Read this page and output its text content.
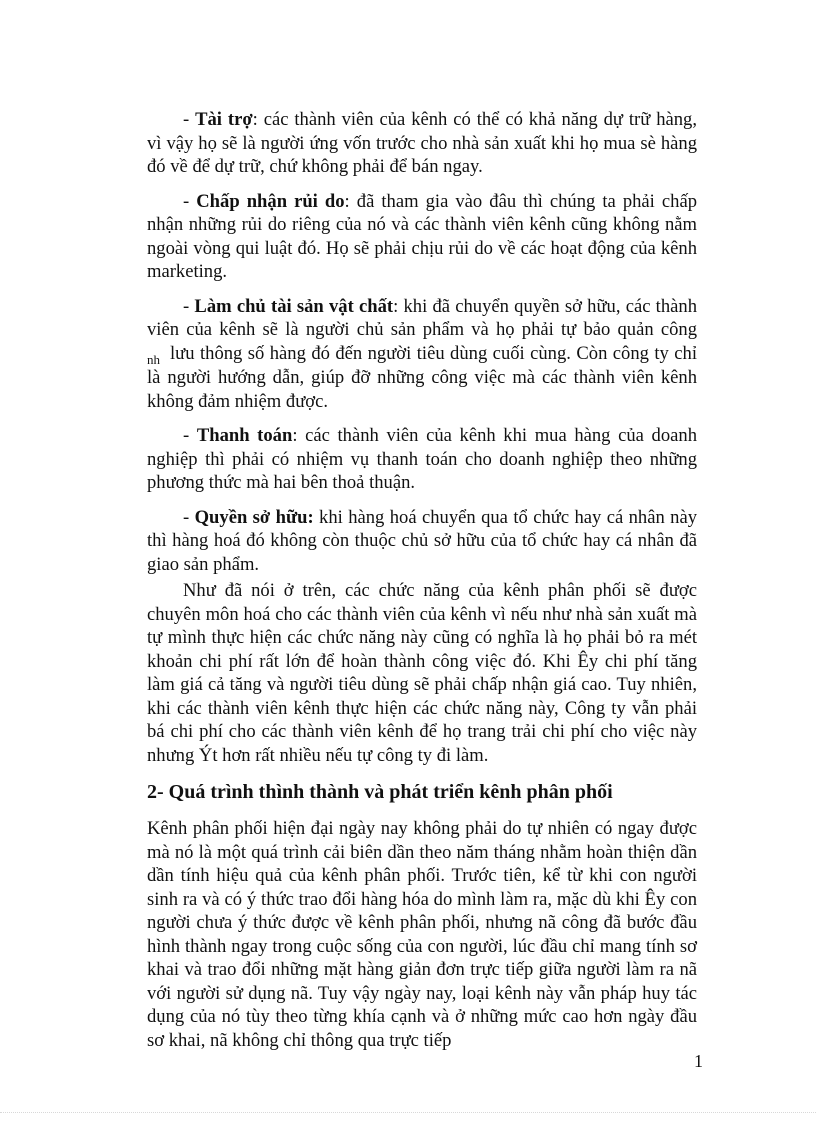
- Tài trợ: các thành viên của kênh có thể có khả năng dự trữ hàng, vì vậy họ sẽ là người ứng vốn trước cho nhà sản xuất khi họ mua sè hàng đó về để dự trữ, chứ không phải để bán ngay.

- Chấp nhận rủi do: đã tham gia vào đâu thì chúng ta phải chấp nhận những rủi do riêng của nó và các thành viên kênh cũng không nằm ngoài vòng qui luật đó. Họ sẽ phải chịu rủi do về các hoạt động của kênh marketing.

- Làm chủ tài sản vật chất: khi đã chuyển quyền sở hữu, các thành viên của kênh sẽ là người chủ sản phẩm và họ phải tự bảo quản công $_{nh}$ lưu thông số hàng đó đến người tiêu dùng cuối cùng. Còn công ty chỉ là người hướng dẫn, giúp đỡ những công việc mà các thành viên kênh không đảm nhiệm được.

- Thanh toán: các thành viên của kênh khi mua hàng của doanh nghiệp thì phải có nhiệm vụ thanh toán cho doanh nghiệp theo những phương thức mà hai bên thoả thuận.

- Quyền sở hữu: khi hàng hoá chuyển qua tổ chức hay cá nhân này thì hàng hoá đó không còn thuộc chủ sở hữu của tổ chức hay cá nhân đã giao sản phẩm.

Như đã nói ở trên, các chức năng của kênh phân phối sẽ được chuyên môn hoá cho các thành viên của kênh vì nếu như nhà sản xuất mà tự mình thực hiện các chức năng này cũng có nghĩa là họ phải bỏ ra mét khoản chi phí rất lớn để hoàn thành công việc đó. Khi Êy chi phí tăng làm giá cả tăng và người tiêu dùng sẽ phải chấp nhận giá cao. Tuy nhiên, khi các thành viên kênh thực hiện các chức năng này, Công ty vẫn phải bá chi phí cho các thành viên kênh để họ trang trải chi phí cho việc này nhưng Ýt hơn rất nhiều nếu tự công ty đi làm.

2- Quá trình thình thành và phát triển kênh phân phối

Kênh phân phối hiện đại ngày nay không phải do tự nhiên có ngay được mà nó là một quá trình cải biên dần theo năm tháng nhằm hoàn thiện dần dần tính hiệu quả của kênh phân phối. Trước tiên, kể từ khi con người sinh ra và có ý thức trao đổi hàng hóa do mình làm ra, mặc dù khi Êy con người chưa ý thức được về kênh phân phối, nhưng nã công đã bước đầu hình thành ngay trong cuộc sống của con người, lúc đầu chỉ mang tính sơ khai và trao đổi những mặt hàng giản đơn trực tiếp giữa người làm ra nã với người sử dụng nã. Tuy vậy ngày nay, loại kênh này vẫn pháp huy tác dụng của nó tùy theo từng khía cạnh và ở những mức cao hơn ngày đầu sơ khai, nã không chỉ thông qua trực tiếp

1
